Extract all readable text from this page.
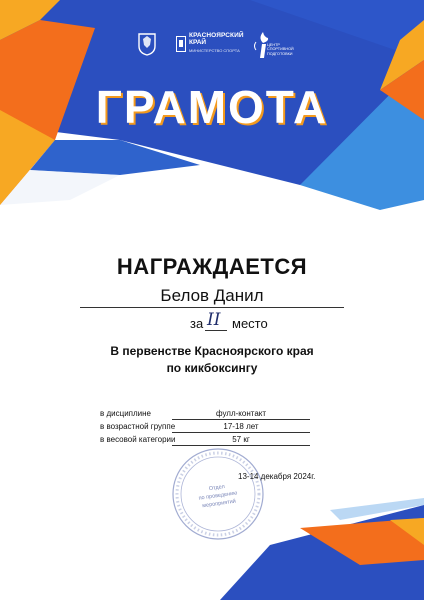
КРАСНОЯРСКИЙ
КРАЙ
МИНИСТЕРСТВО СПОРТА
ЦЕНТР
СПОРТИВНОЙ
ПОДГОТОВКИ
ГРАМОТА
НАГРАЖДАЕТСЯ
Белов Данил
за II место
В первенстве Красноярского края
по кикбоксингу
в дисциплине	фулл-контакт
в возрастной группе	17-18 лет
в весовой категории	57 кг
Отдел
по проведению
мероприятий
13-14 декабря 2024г.
